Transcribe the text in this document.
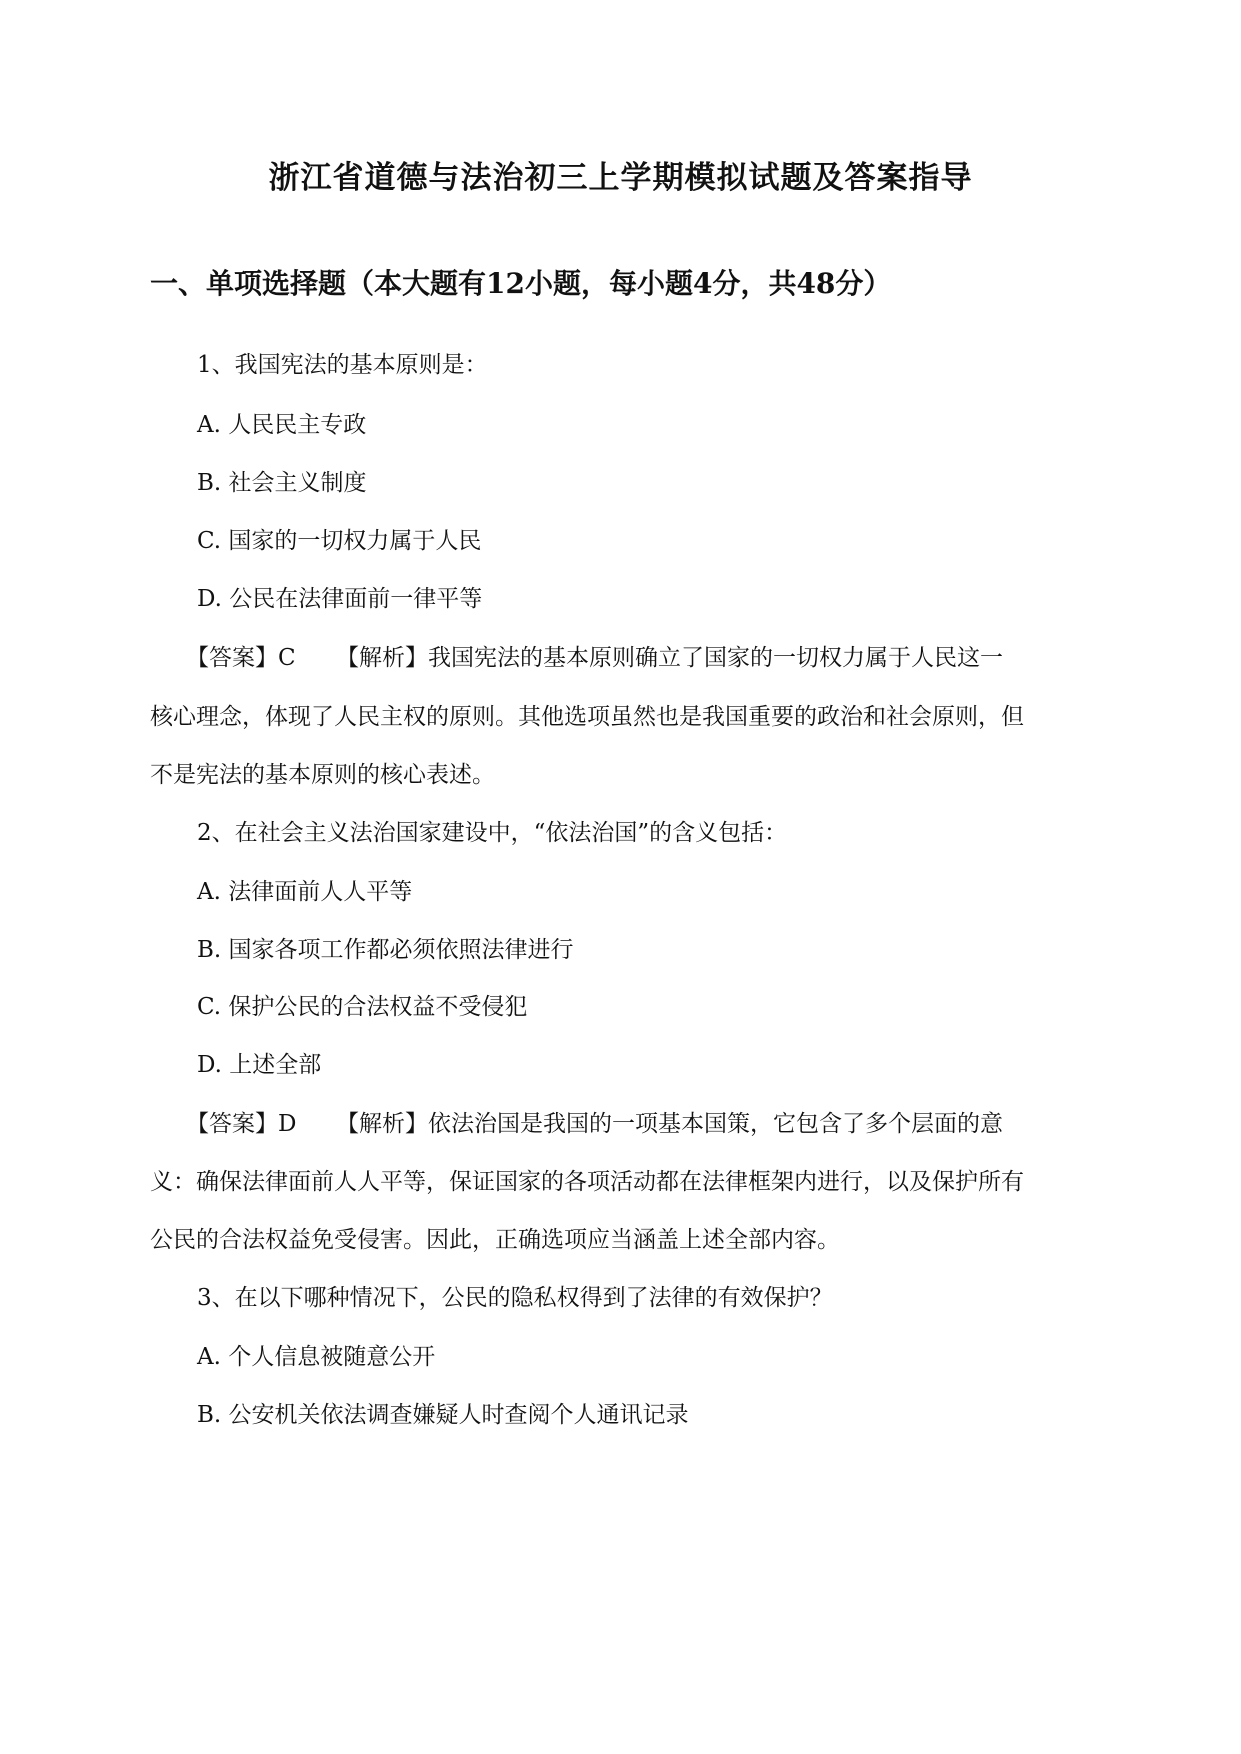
浙江省道德与法治初三上学期模拟试题及答案指导
一、单项选择题（本大题有12小题，每小题4分，共48分）
1、我国宪法的基本原则是：
A. 人民民主专政
B. 社会主义制度
C. 国家的一切权力属于人民
D. 公民在法律面前一律平等
【答案】C 【解析】我国宪法的基本原则确立了国家的一切权力属于人民这一
核心理念，体现了人民主权的原则。其他选项虽然也是我国重要的政治和社会原则，但
不是宪法的基本原则的核心表述。
2、在社会主义法治国家建设中，“依法治国”的含义包括：
A. 法律面前人人平等
B. 国家各项工作都必须依照法律进行
C. 保护公民的合法权益不受侵犯
D. 上述全部
【答案】D 【解析】依法治国是我国的一项基本国策，它包含了多个层面的意
义：确保法律面前人人平等，保证国家的各项活动都在法律框架内进行，以及保护所有
公民的合法权益免受侵害。因此，正确选项应当涵盖上述全部内容。
3、在以下哪种情况下，公民的隐私权得到了法律的有效保护？
A. 个人信息被随意公开
B. 公安机关依法调查嫌疑人时查阅个人通讯记录
